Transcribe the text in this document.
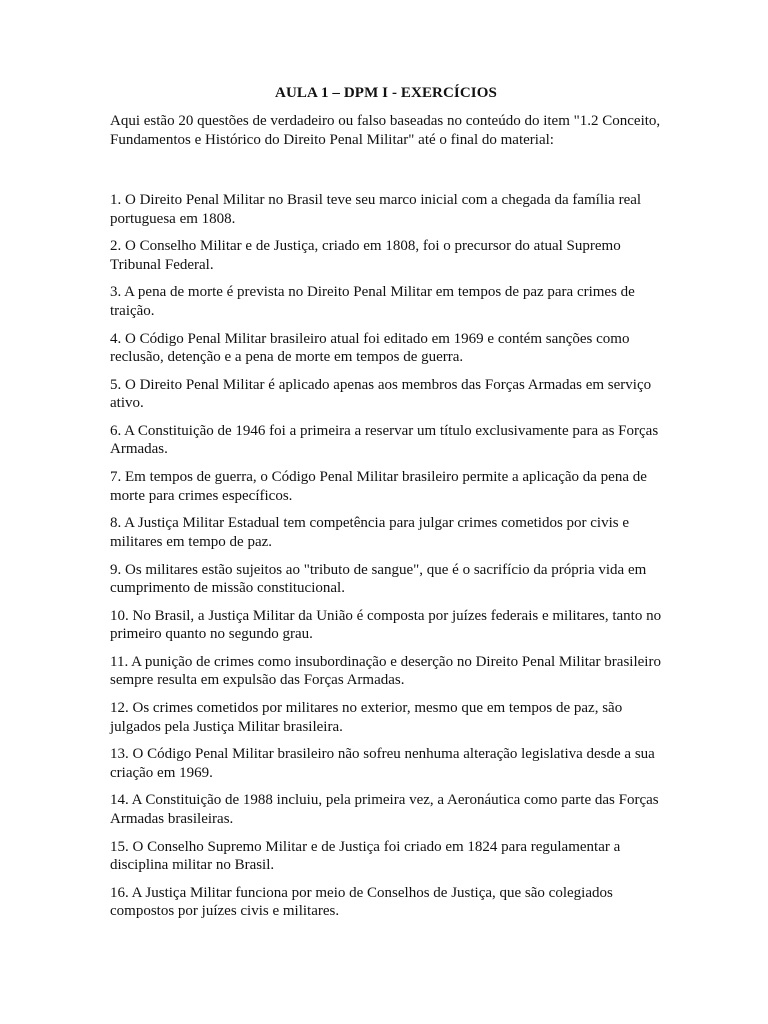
AULA 1 – DPM I - EXERCÍCIOS

Aqui estão 20 questões de verdadeiro ou falso baseadas no conteúdo do item "1.2 Conceito, Fundamentos e Histórico do Direito Penal Militar" até o final do material:

1. O Direito Penal Militar no Brasil teve seu marco inicial com a chegada da família real portuguesa em 1808.
2. O Conselho Militar e de Justiça, criado em 1808, foi o precursor do atual Supremo Tribunal Federal.
3. A pena de morte é prevista no Direito Penal Militar em tempos de paz para crimes de traição.
4. O Código Penal Militar brasileiro atual foi editado em 1969 e contém sanções como reclusão, detenção e a pena de morte em tempos de guerra.
5. O Direito Penal Militar é aplicado apenas aos membros das Forças Armadas em serviço ativo.
6. A Constituição de 1946 foi a primeira a reservar um título exclusivamente para as Forças Armadas.
7. Em tempos de guerra, o Código Penal Militar brasileiro permite a aplicação da pena de morte para crimes específicos.
8. A Justiça Militar Estadual tem competência para julgar crimes cometidos por civis e militares em tempo de paz.
9. Os militares estão sujeitos ao "tributo de sangue", que é o sacrifício da própria vida em cumprimento de missão constitucional.
10. No Brasil, a Justiça Militar da União é composta por juízes federais e militares, tanto no primeiro quanto no segundo grau.
11. A punição de crimes como insubordinação e deserção no Direito Penal Militar brasileiro sempre resulta em expulsão das Forças Armadas.
12. Os crimes cometidos por militares no exterior, mesmo que em tempos de paz, são julgados pela Justiça Militar brasileira.
13. O Código Penal Militar brasileiro não sofreu nenhuma alteração legislativa desde a sua criação em 1969.
14. A Constituição de 1988 incluiu, pela primeira vez, a Aeronáutica como parte das Forças Armadas brasileiras.
15. O Conselho Supremo Militar e de Justiça foi criado em 1824 para regulamentar a disciplina militar no Brasil.
16. A Justiça Militar funciona por meio de Conselhos de Justiça, que são colegiados compostos por juízes civis e militares.
